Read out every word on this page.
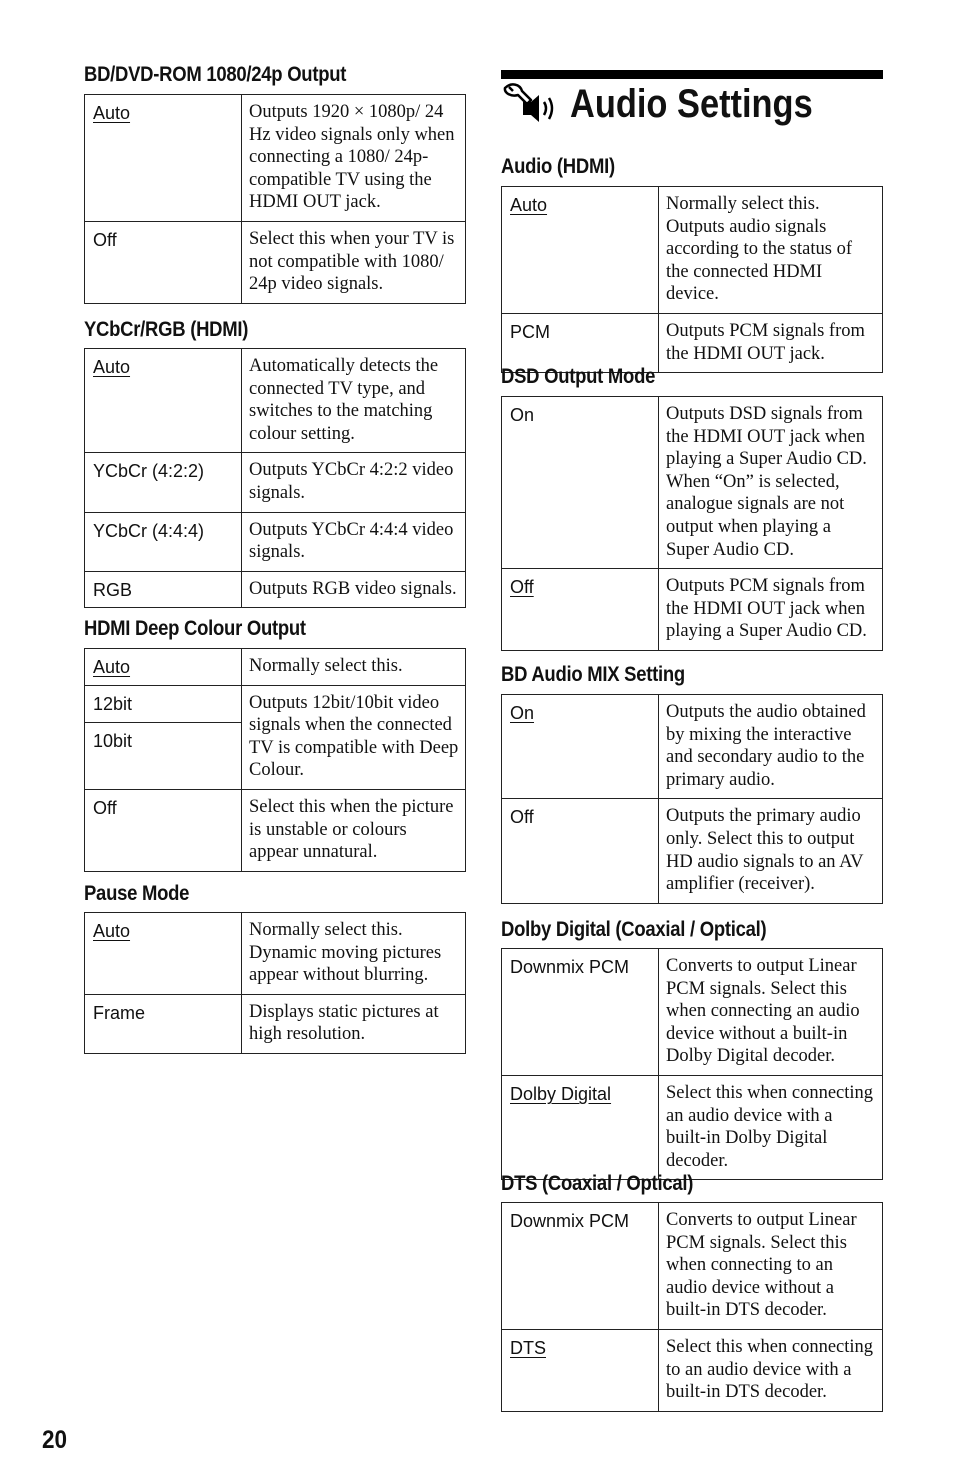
BD/DVD-ROM 1080/24p Output
Auto	Outputs 1920 × 1080p/ 24 Hz video signals only when connecting a 1080/ 24p-compatible TV using the HDMI OUT jack.
Off	Select this when your TV is not compatible with 1080/ 24p video signals.
YCbCr/RGB (HDMI)
Auto	Automatically detects the connected TV type, and switches to the matching colour setting.
YCbCr (4:2:2)	Outputs YCbCr 4:2:2 video signals.
YCbCr (4:4:4)	Outputs YCbCr 4:4:4 video signals.
RGB	Outputs RGB video signals.
HDMI Deep Colour Output
Auto	Normally select this.
12bit	Outputs 12bit/10bit video signals when the connected TV is compatible with Deep Colour.
10bit	
Off	Select this when the picture is unstable or colours appear unnatural.
Pause Mode
Auto	Normally select this. Dynamic moving pictures appear without blurring.
Frame	Displays static pictures at high resolution.
Audio Settings
Audio (HDMI)
Auto	Normally select this. Outputs audio signals according to the status of the connected HDMI device.
PCM	Outputs PCM signals from the HDMI OUT jack.
DSD Output Mode
On	Outputs DSD signals from the HDMI OUT jack when playing a Super Audio CD. When “On” is selected, analogue signals are not output when playing a Super Audio CD.
Off	Outputs PCM signals from the HDMI OUT jack when playing a Super Audio CD.
BD Audio MIX Setting
On	Outputs the audio obtained by mixing the interactive and secondary audio to the primary audio.
Off	Outputs the primary audio only. Select this to output HD audio signals to an AV amplifier (receiver).
Dolby Digital (Coaxial / Optical)
Downmix PCM	Converts to output Linear PCM signals. Select this when connecting an audio device without a built-in Dolby Digital decoder.
Dolby Digital	Select this when connecting an audio device with a built-in Dolby Digital decoder.
DTS (Coaxial / Optical)
Downmix PCM	Converts to output Linear PCM signals. Select this when connecting to an audio device without a built-in DTS decoder.
DTS	Select this when connecting to an audio device with a built-in DTS decoder.
20
